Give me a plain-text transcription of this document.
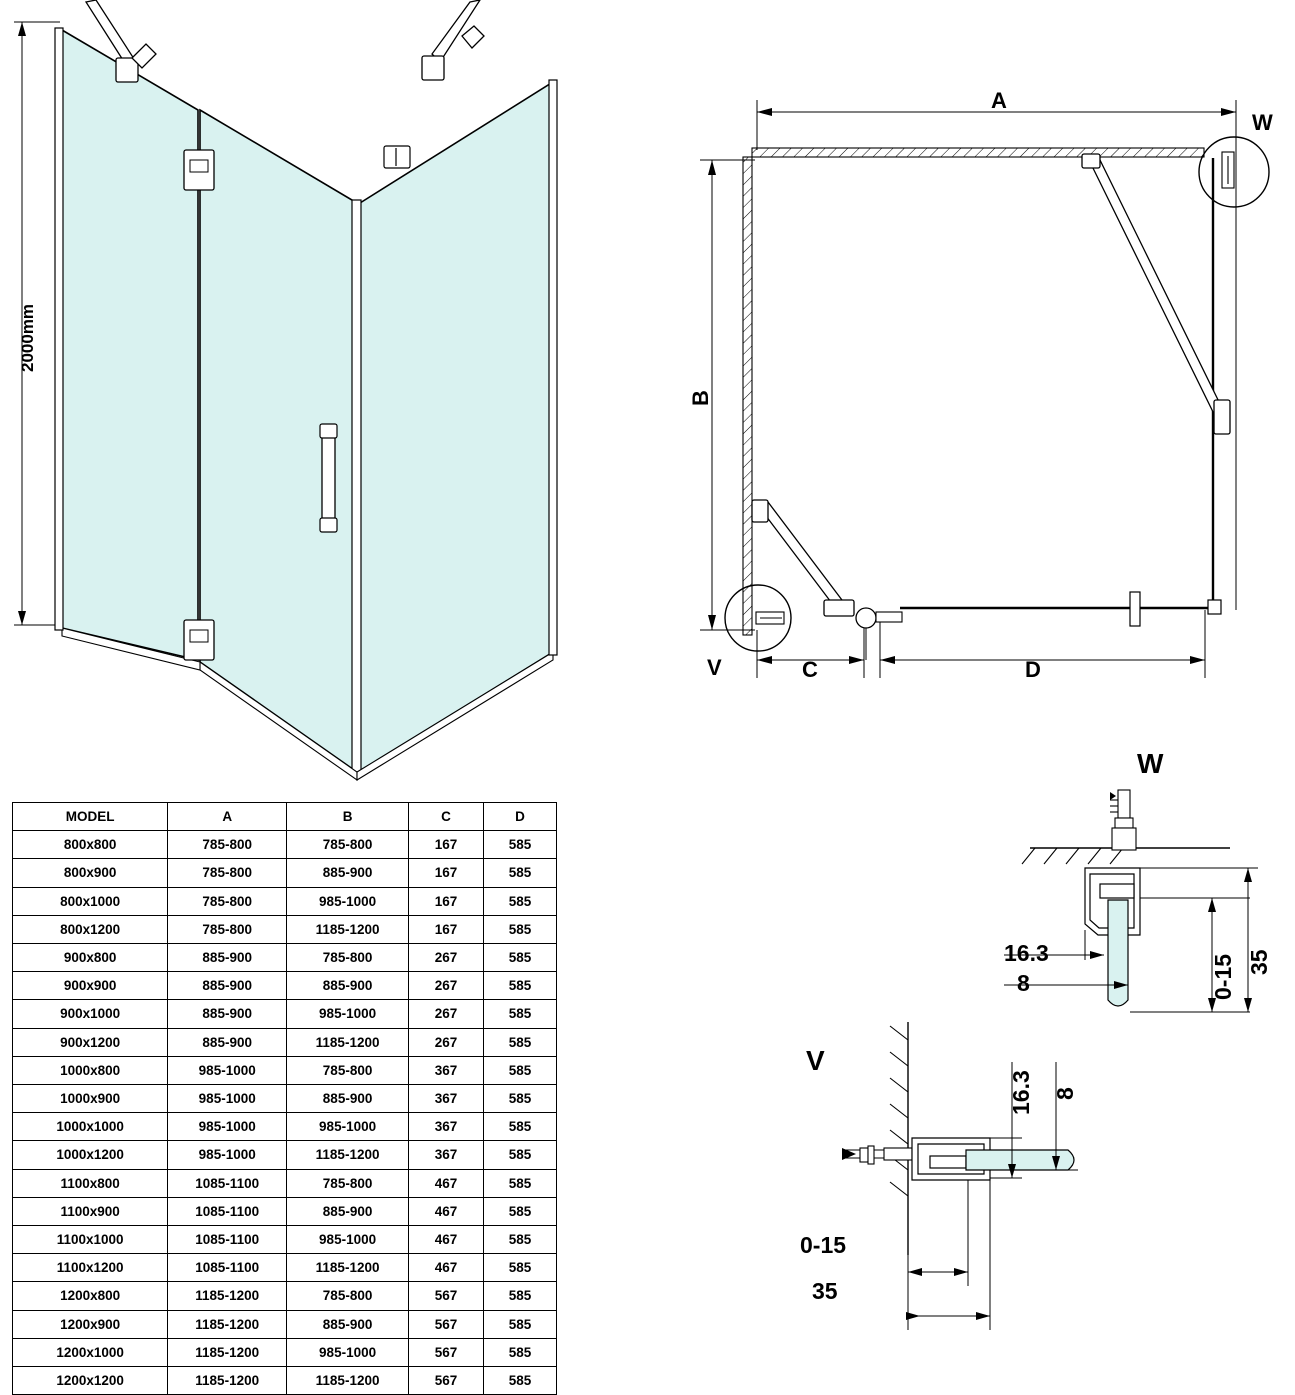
2000mm
A
B
C	D
W
V
W
V
16.3
8	0-15 35
16.3 8
0-15
35
MODEL	A	B	C	D
800x800	785-800	785-800	167	585
800x900	785-800	885-900	167	585
800x1000	785-800	985-1000	167	585
800x1200	785-800	1185-1200	167	585
900x800	885-900	785-800	267	585
900x900	885-900	885-900	267	585
900x1000	885-900	985-1000	267	585
900x1200	885-900	1185-1200	267	585
1000x800	985-1000	785-800	367	585
1000x900	985-1000	885-900	367	585
1000x1000	985-1000	985-1000	367	585
1000x1200	985-1000	1185-1200	367	585
1100x800	1085-1100	785-800	467	585
1100x900	1085-1100	885-900	467	585
1100x1000	1085-1100	985-1000	467	585
1100x1200	1085-1100	1185-1200	467	585
1200x800	1185-1200	785-800	567	585
1200x900	1185-1200	885-900	567	585
1200x1000	1185-1200	985-1000	567	585
1200x1200	1185-1200	1185-1200	567	585
